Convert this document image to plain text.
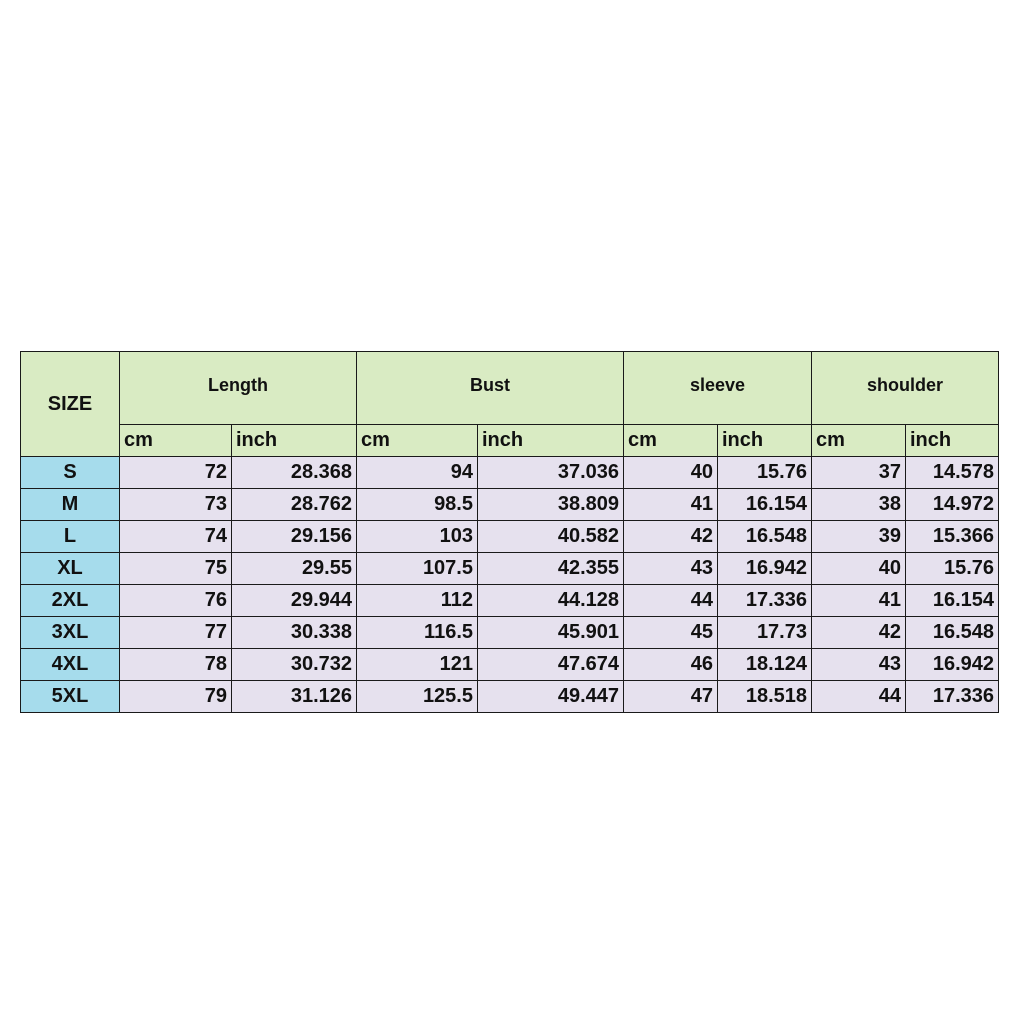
SIZE	Length		Bust		sleeve		shoulder	
	cm	inch	cm	inch	cm	inch	cm	inch
S	72	28.368	94	37.036	40	15.76	37	14.578
M	73	28.762	98.5	38.809	41	16.154	38	14.972
L	74	29.156	103	40.582	42	16.548	39	15.366
XL	75	29.55	107.5	42.355	43	16.942	40	15.76
2XL	76	29.944	112	44.128	44	17.336	41	16.154
3XL	77	30.338	116.5	45.901	45	17.73	42	16.548
4XL	78	30.732	121	47.674	46	18.124	43	16.942
5XL	79	31.126	125.5	49.447	47	18.518	44	17.336
